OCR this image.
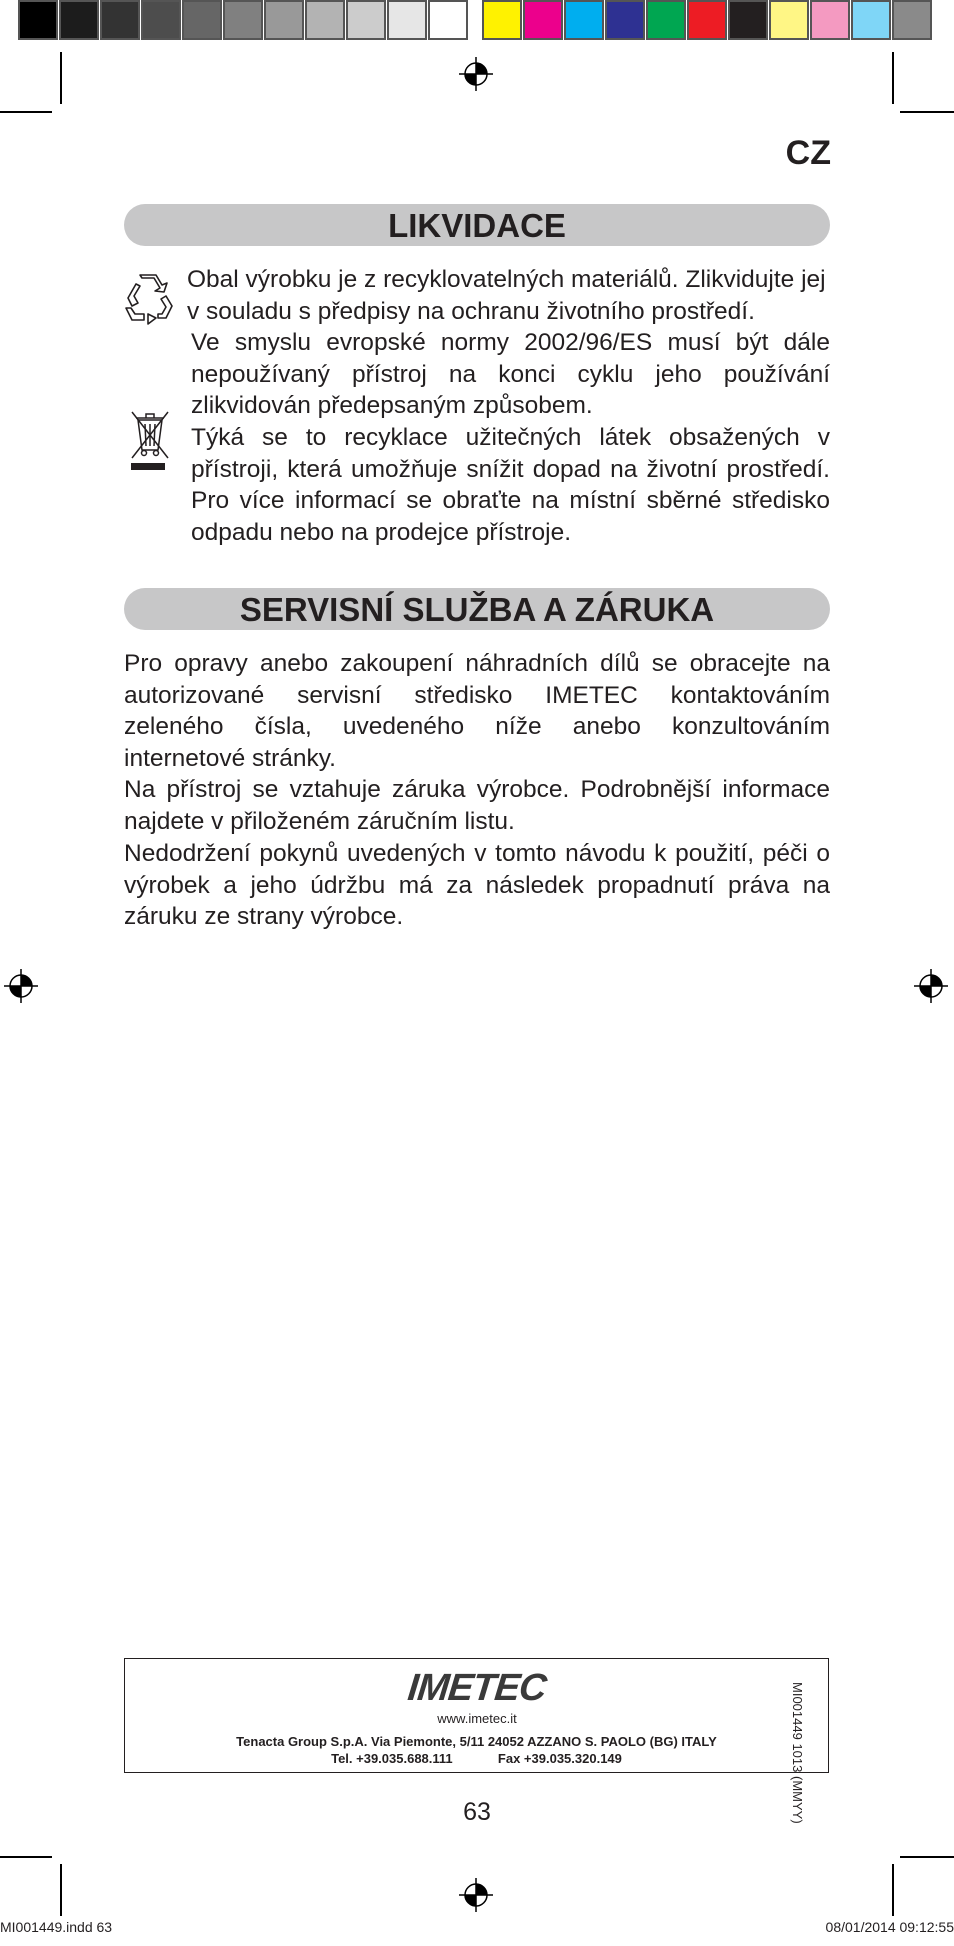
CZ
LIKVIDACE

Obal výrobku je z recyklovatelných materiálů. Zlikvidujte jej v souladu s předpisy na ochranu životního prostředí.

Ve smyslu evropské normy 2002/96/ES musí být dále nepoužívaný přístroj na konci cyklu jeho používání zlikvidován předepsaným způsobem.

Týká se to recyklace užitečných látek obsažených v přístroji, která umožňuje snížit dopad na životní prostředí. Pro více informací se obraťte na místní sběrné středisko odpadu nebo na prodejce přístroje.

SERVISNÍ SLUŽBA A ZÁRUKA

Pro opravy anebo zakoupení náhradních dílů se obracejte na autorizované servisní středisko IMETEC kontaktováním zeleného čísla, uvedeného níže anebo konzultováním internetové stránky.

Na přístroj se vztahuje záruka výrobce. Podrobnější informace najdete v přiloženém záručním listu.

Nedodržení pokynů uvedených v tomto návodu k použití, péči o výrobek a jeho údržbu má za následek propadnutí práva na záruku ze strany výrobce.

IMETEC
www.imetec.it
Tenacta Group S.p.A. Via Piemonte, 5/11 24052 AZZANO S. PAOLO (BG) ITALY
Tel. +39.035.688.111	Fax +39.035.320.149
MI001449 1013 (MMYY)
63
MI001449.indd 63	08/01/2014 09:12:55
